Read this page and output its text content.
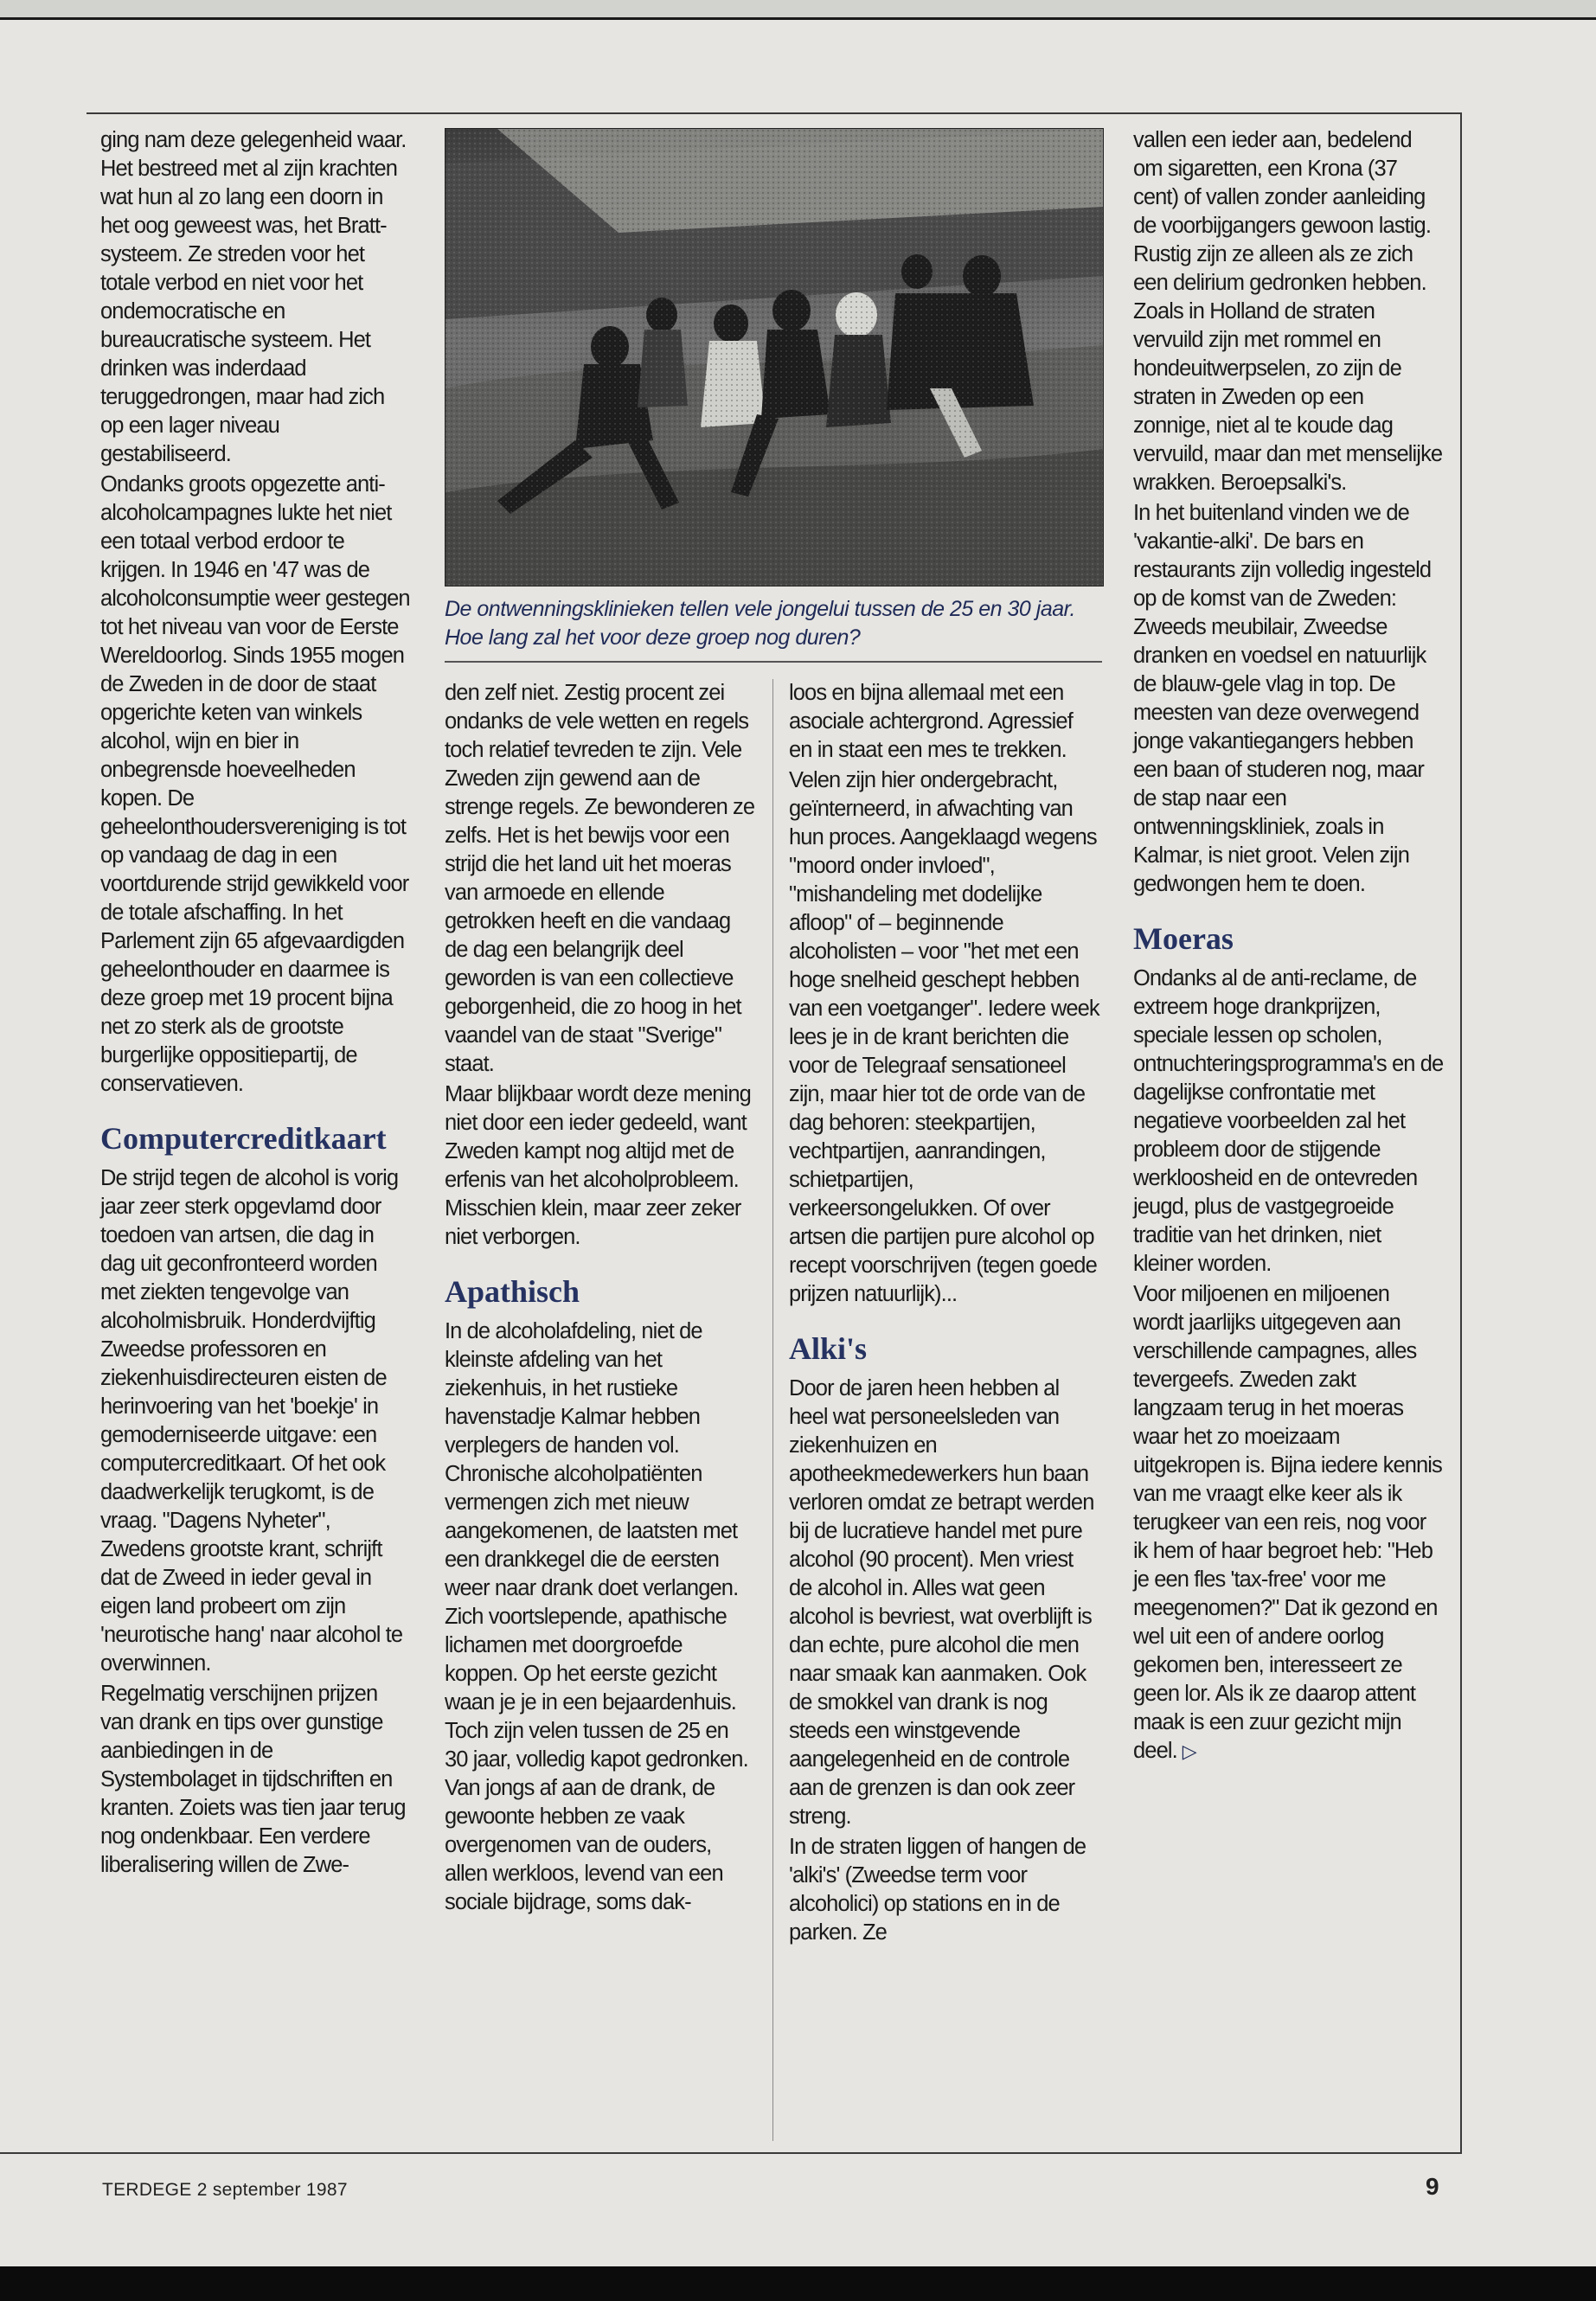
ging nam deze gelegenheid waar. Het bestreed met al zijn krachten wat hun al zo lang een doorn in het oog geweest was, het Bratt-systeem. Ze streden voor het totale verbod en niet voor het ondemocratische en bureaucratische systeem. Het drinken was inderdaad teruggedrongen, maar had zich op een lager niveau gestabiliseerd.

Ondanks groots opgezette anti-alcoholcampagnes lukte het niet een totaal verbod erdoor te krijgen. In 1946 en '47 was de alcoholconsumptie weer gestegen tot het niveau van voor de Eerste Wereldoorlog. Sinds 1955 mogen de Zweden in de door de staat opgerichte keten van winkels alcohol, wijn en bier in onbegrensde hoeveelheden kopen. De geheelonthoudersvereniging is tot op vandaag de dag in een voortdurende strijd gewikkeld voor de totale afschaffing. In het Parlement zijn 65 afgevaardigden geheelonthouder en daarmee is deze groep met 19 procent bijna net zo sterk als de grootste burgerlijke oppositiepartij, de conservatieven.

Computercreditkaart

De strijd tegen de alcohol is vorig jaar zeer sterk opgevlamd door toedoen van artsen, die dag in dag uit geconfronteerd worden met ziekten tengevolge van alcoholmisbruik. Honderdvijftig Zweedse professoren en ziekenhuisdirecteuren eisten de herinvoering van het 'boekje' in gemoderniseerde uitgave: een computercreditkaart. Of het ook daadwerkelijk terugkomt, is de vraag. "Dagens Nyheter", Zwedens grootste krant, schrijft dat de Zweed in ieder geval in eigen land probeert om zijn 'neurotische hang' naar alcohol te overwinnen.

Regelmatig verschijnen prijzen van drank en tips over gunstige aanbiedingen in de Systembolaget in tijdschriften en kranten. Zoiets was tien jaar terug nog ondenkbaar. Een verdere liberalisering willen de Zwe-

De ontwenningsklinieken tellen vele jongelui tussen de 25 en 30 jaar. Hoe lang zal het voor deze groep nog duren?

den zelf niet. Zestig procent zei ondanks de vele wetten en regels toch relatief tevreden te zijn. Vele Zweden zijn gewend aan de strenge regels. Ze bewonderen ze zelfs. Het is het bewijs voor een strijd die het land uit het moeras van armoede en ellende getrokken heeft en die vandaag de dag een belangrijk deel geworden is van een collectieve geborgenheid, die zo hoog in het vaandel van de staat "Sverige" staat.

Maar blijkbaar wordt deze mening niet door een ieder gedeeld, want Zweden kampt nog altijd met de erfenis van het alcoholprobleem. Misschien klein, maar zeer zeker niet verborgen.

Apathisch

In de alcoholafdeling, niet de kleinste afdeling van het ziekenhuis, in het rustieke havenstadje Kalmar hebben verplegers de handen vol. Chronische alcoholpatiënten vermengen zich met nieuw aangekomenen, de laatsten met een drankkegel die de eersten weer naar drank doet verlangen. Zich voortslepende, apathische lichamen met doorgroefde koppen. Op het eerste gezicht waan je je in een bejaardenhuis. Toch zijn velen tussen de 25 en 30 jaar, volledig kapot gedronken. Van jongs af aan de drank, de gewoonte hebben ze vaak overgenomen van de ouders, allen werkloos, levend van een sociale bijdrage, soms dak-

loos en bijna allemaal met een asociale achtergrond. Agressief en in staat een mes te trekken.

Velen zijn hier ondergebracht, geïnterneerd, in afwachting van hun proces. Aangeklaagd wegens "moord onder invloed", "mishandeling met dodelijke afloop" of – beginnende alcoholisten – voor "het met een hoge snelheid geschept hebben van een voetganger". Iedere week lees je in de krant berichten die voor de Telegraaf sensationeel zijn, maar hier tot de orde van de dag behoren: steekpartijen, vechtpartijen, aanrandingen, schietpartijen, verkeersongelukken. Of over artsen die partijen pure alcohol op recept voorschrijven (tegen goede prijzen natuurlijk)...

Alki's

Door de jaren heen hebben al heel wat personeelsleden van ziekenhuizen en apotheekmedewerkers hun baan verloren omdat ze betrapt werden bij de lucratieve handel met pure alcohol (90 procent). Men vriest de alcohol in. Alles wat geen alcohol is bevriest, wat overblijft is dan echte, pure alcohol die men naar smaak kan aanmaken. Ook de smokkel van drank is nog steeds een winstgevende aangelegenheid en de controle aan de grenzen is dan ook zeer streng.

In de straten liggen of hangen de 'alki's' (Zweedse term voor alcoholici) op stations en in de parken. Ze

vallen een ieder aan, bedelend om sigaretten, een Krona (37 cent) of vallen zonder aanleiding de voorbijgangers gewoon lastig. Rustig zijn ze alleen als ze zich een delirium gedronken hebben. Zoals in Holland de straten vervuild zijn met rommel en hondeuitwerpselen, zo zijn de straten in Zweden op een zonnige, niet al te koude dag vervuild, maar dan met menselijke wrakken. Beroepsalki's.

In het buitenland vinden we de 'vakantie-alki'. De bars en restaurants zijn volledig ingesteld op de komst van de Zweden: Zweeds meubilair, Zweedse dranken en voedsel en natuurlijk de blauw-gele vlag in top. De meesten van deze overwegend jonge vakantiegangers hebben een baan of studeren nog, maar de stap naar een ontwenningskliniek, zoals in Kalmar, is niet groot. Velen zijn gedwongen hem te doen.

Moeras

Ondanks al de anti-reclame, de extreem hoge drankprijzen, speciale lessen op scholen, ontnuchteringsprogramma's en de dagelijkse confrontatie met negatieve voorbeelden zal het probleem door de stijgende werkloosheid en de ontevreden jeugd, plus de vastgegroeide traditie van het drinken, niet kleiner worden.

Voor miljoenen en miljoenen wordt jaarlijks uitgegeven aan verschillende campagnes, alles tevergeefs. Zweden zakt langzaam terug in het moeras waar het zo moeizaam uitgekropen is. Bijna iedere kennis van me vraagt elke keer als ik terugkeer van een reis, nog voor ik hem of haar begroet heb: "Heb je een fles 'tax-free' voor me meegenomen?" Dat ik gezond en wel uit een of andere oorlog gekomen ben, interesseert ze geen lor. Als ik ze daarop attent maak is een zuur gezicht mijn deel. ▷

TERDEGE 2 september 1987	9
